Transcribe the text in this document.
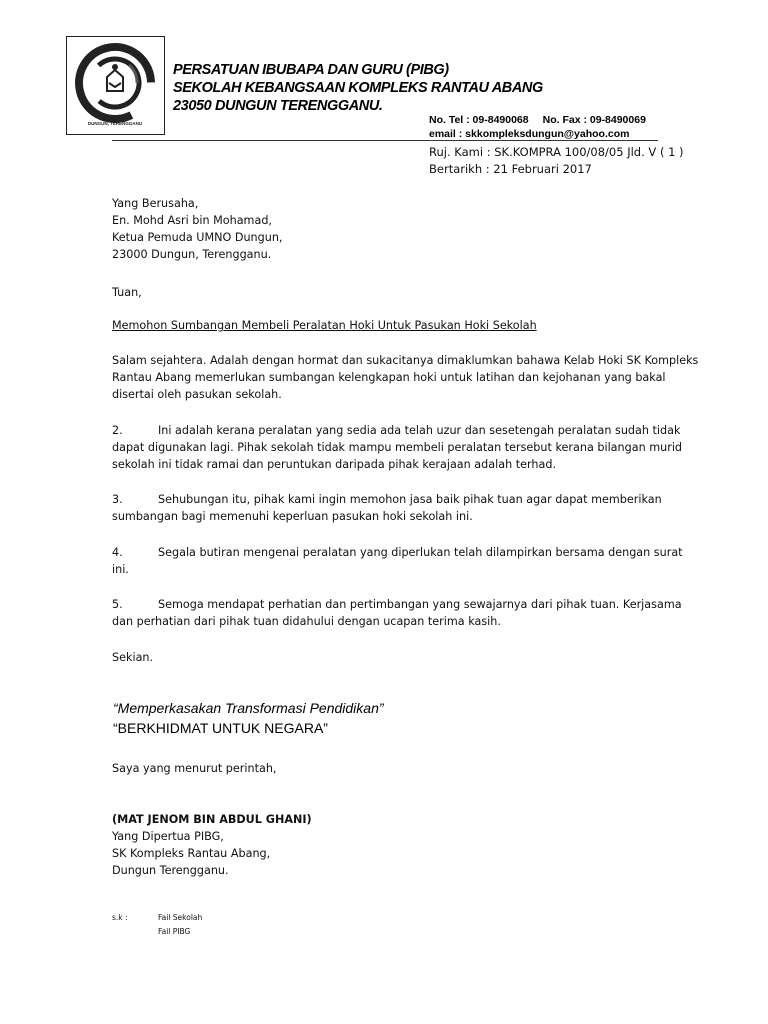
DUNGUN, TERENGGANU
PERSATUAN IBUBAPA DAN GURU (PIBG)
SEKOLAH KEBANGSAAN KOMPLEKS RANTAU ABANG
23050 DUNGUN TERENGGANU.
No. Tel : 09-8490068 No. Fax : 09-8490069
email : skkompleksdungun@yahoo.com
Ruj. Kami : SK.KOMPRA 100/08/05 Jld. V ( 1 )
Bertarikh : 21 Februari 2017
Yang Berusaha,
En. Mohd Asri bin Mohamad,
Ketua Pemuda UMNO Dungun,
23000 Dungun, Terengganu.
Tuan,
Memohon Sumbangan Membeli Peralatan Hoki Untuk Pasukan Hoki Sekolah
Salam sejahtera. Adalah dengan hormat dan sukacitanya dimaklumkan bahawa Kelab Hoki SK Kompleks
Rantau Abang memerlukan sumbangan kelengkapan hoki untuk latihan dan kejohanan yang bakal
disertai oleh pasukan sekolah.
2.	Ini adalah kerana peralatan yang sedia ada telah uzur dan sesetengah peralatan sudah tidak
dapat digunakan lagi. Pihak sekolah tidak mampu membeli peralatan tersebut kerana bilangan murid
sekolah ini tidak ramai dan peruntukan daripada pihak kerajaan adalah terhad.
3.	Sehubungan itu, pihak kami ingin memohon jasa baik pihak tuan agar dapat memberikan
sumbangan bagi memenuhi keperluan pasukan hoki sekolah ini.
4.	Segala butiran mengenai peralatan yang diperlukan telah dilampirkan bersama dengan surat
ini.
5.	Semoga mendapat perhatian dan pertimbangan yang sewajarnya dari pihak tuan. Kerjasama
dan perhatian dari pihak tuan didahului dengan ucapan terima kasih.
Sekian.
“Memperkasakan Transformasi Pendidikan”
“BERKHIDMAT UNTUK NEGARA”
Saya yang menurut perintah,
(MAT JENOM BIN ABDUL GHANI)
Yang Dipertua PIBG,
SK Kompleks Rantau Abang,
Dungun Terengganu.
s.k :	Fail Sekolah
Fail PIBG
